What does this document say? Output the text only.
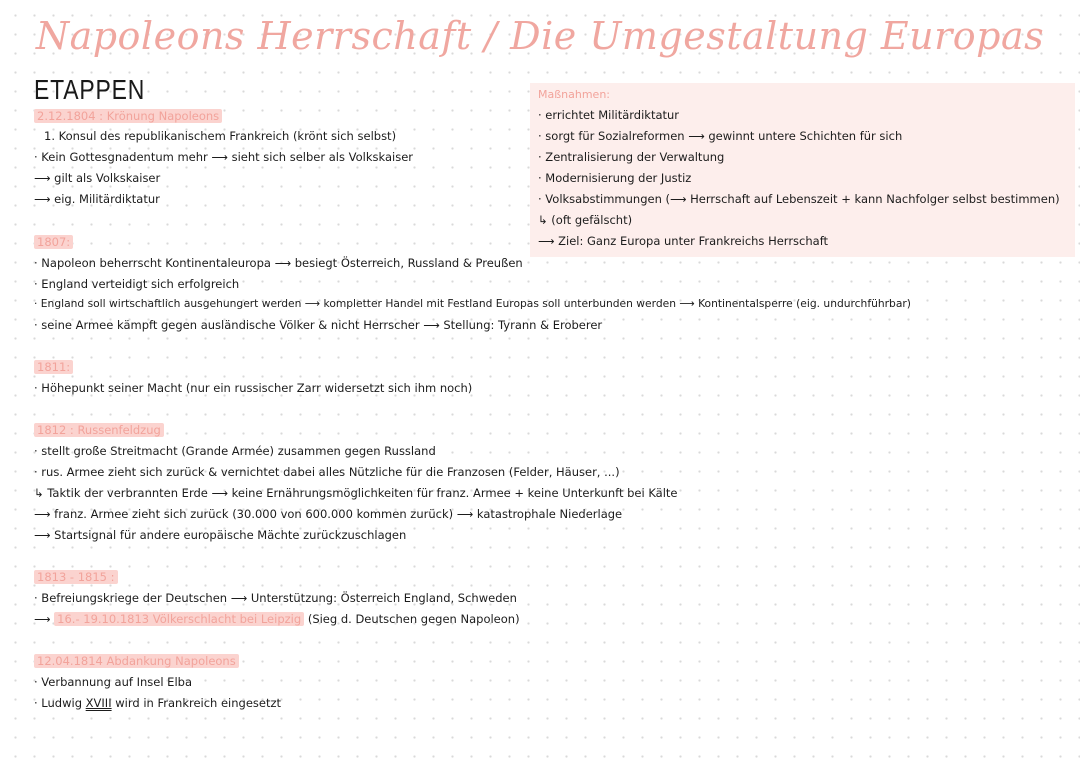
Napoleons Herrschaft / Die Umgestaltung Europas
ETAPPEN	Maßnahmen:
· errichtet Militärdiktatur
· sorgt für Sozialreformen ⟶ gewinnt untere Schichten für sich
· Zentralisierung der Verwaltung
· Modernisierung der Justiz
· Volksabstimmungen (⟶ Herrschaft auf Lebenszeit + kann Nachfolger selbst bestimmen)
↳ (oft gefälscht)
⟶ Ziel: Ganz Europa unter Frankreichs Herrschaft
2.12.1804 : Krönung Napoleons
1. Konsul des republikanischem Frankreich (krönt sich selbst)
· Kein Gottesgnadentum mehr ⟶ sieht sich selber als Volkskaiser
⟶ gilt als Volkskaiser
⟶ eig. Militärdiktatur
1807:
· Napoleon beherrscht Kontinentaleuropa ⟶ besiegt Österreich, Russland & Preußen
· England verteidigt sich erfolgreich
· England soll wirtschaftlich ausgehungert werden ⟶ kompletter Handel mit Festland Europas soll unterbunden werden ⟶ Kontinentalsperre (eig. undurchführbar)
· seine Armee kämpft gegen ausländische Völker & nicht Herrscher ⟶ Stellung: Tyrann & Eroberer
1811:
· Höhepunkt seiner Macht (nur ein russischer Zarr widersetzt sich ihm noch)
1812 : Russenfeldzug
· stellt große Streitmacht (Grande Armée) zusammen gegen Russland
· rus. Armee zieht sich zurück & vernichtet dabei alles Nützliche für die Franzosen (Felder, Häuser, ...)
↳ Taktik der verbrannten Erde ⟶ keine Ernährungsmöglichkeiten für franz. Armee + keine Unterkunft bei Kälte
⟶ franz. Armee zieht sich zurück (30.000 von 600.000 kommen zurück) ⟶ katastrophale Niederlage
⟶ Startsignal für andere europäische Mächte zurückzuschlagen
1813 - 1815 :
· Befreiungskriege der Deutschen ⟶ Unterstützung: Österreich England, Schweden
⟶ 16.- 19.10.1813 Völkerschlacht bei Leipzig (Sieg d. Deutschen gegen Napoleon)
12.04.1814 Abdankung Napoleons
· Verbannung auf Insel Elba
· Ludwig XVIII wird in Frankreich eingesetzt
